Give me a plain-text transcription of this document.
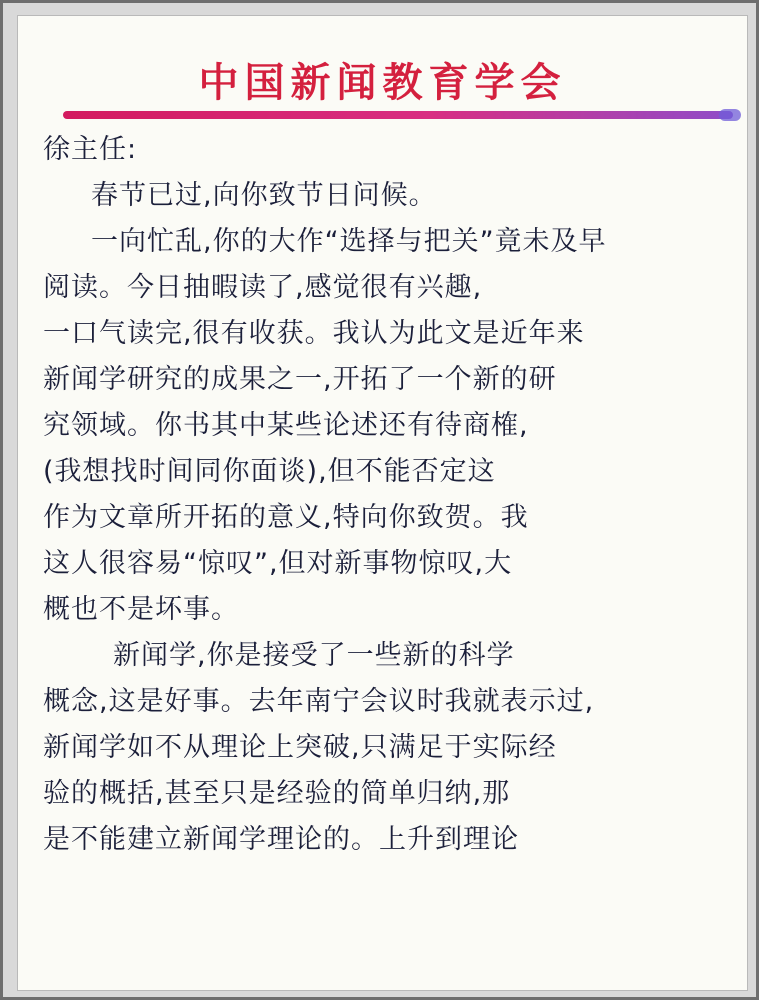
中国新闻教育学会
徐主任:
春节已过,向你致节日问候。
一向忙乱,你的大作“选择与把关”竟未及早
阅读。今日抽暇读了,感觉很有兴趣,
一口气读完,很有收获。我认为此文是近年来
新闻学研究的成果之一,开拓了一个新的研
究领域。你书其中某些论述还有待商榷,
(我想找时间同你面谈),但不能否定这
作为文章所开拓的意义,特向你致贺。我
这人很容易“惊叹”,但对新事物惊叹,大
概也不是坏事。
新闻学,你是接受了一些新的科学
概念,这是好事。去年南宁会议时我就表示过,
新闻学如不从理论上突破,只满足于实际经
验的概括,甚至只是经验的简单归纳,那
是不能建立新闻学理论的。上升到理论
